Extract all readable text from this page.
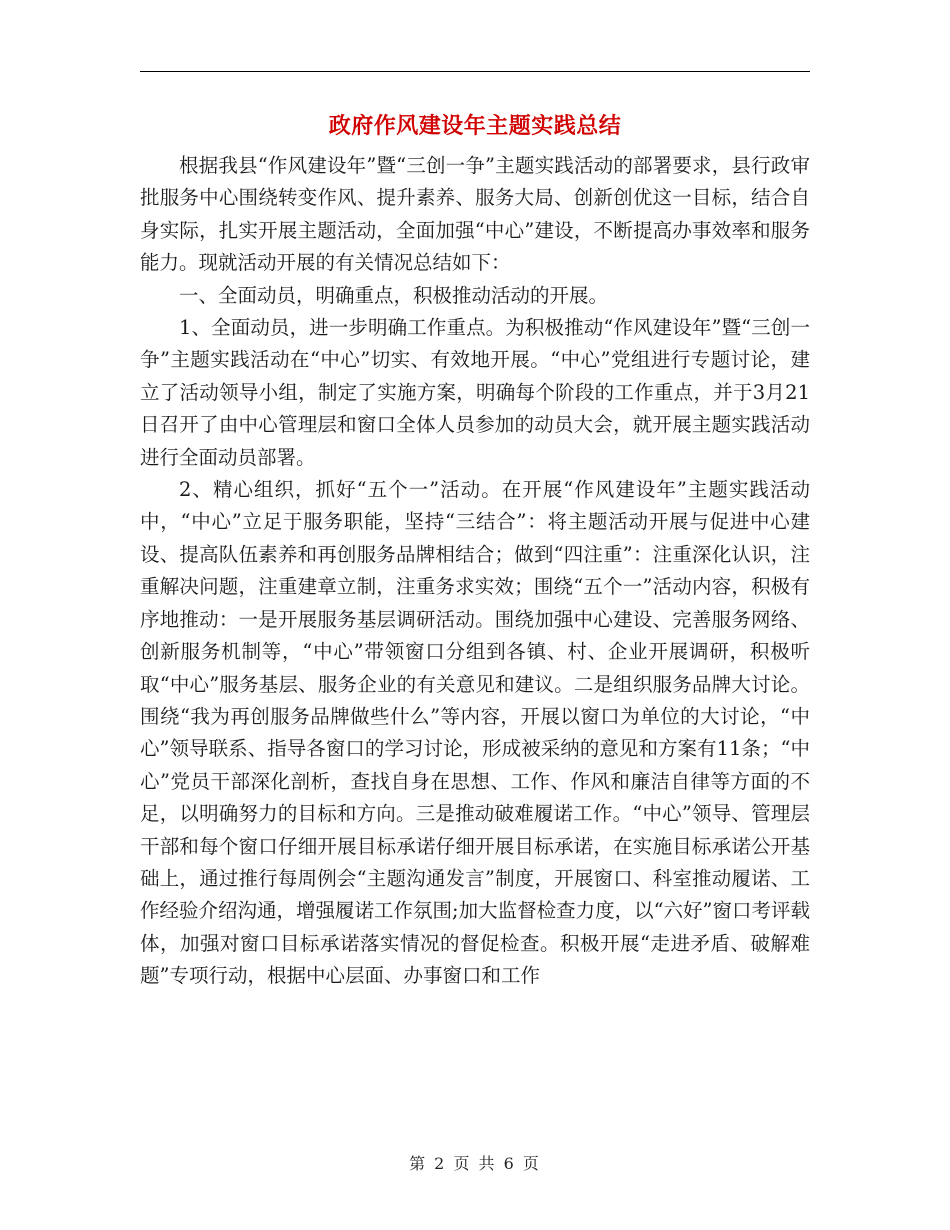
政府作风建设年主题实践总结

根据我县“作风建设年”暨“三创一争”主题实践活动的部署要求，县行政审批服务中心围绕转变作风、提升素养、服务大局、创新创优这一目标，结合自身实际，扎实开展主题活动，全面加强“中心”建设，不断提高办事效率和服务能力。现就活动开展的有关情况总结如下：

一、全面动员，明确重点，积极推动活动的开展。

1、全面动员，进一步明确工作重点。为积极推动“作风建设年”暨“三创一争”主题实践活动在“中心”切实、有效地开展。“中心”党组进行专题讨论，建立了活动领导小组，制定了实施方案，明确每个阶段的工作重点，并于3月21日召开了由中心管理层和窗口全体人员参加的动员大会，就开展主题实践活动进行全面动员部署。

2、精心组织，抓好“五个一”活动。在开展“作风建设年”主题实践活动中，“中心”立足于服务职能，坚持“三结合”：将主题活动开展与促进中心建设、提高队伍素养和再创服务品牌相结合；做到“四注重”：注重深化认识，注重解决问题，注重建章立制，注重务求实效；围绕“五个一”活动内容，积极有序地推动：一是开展服务基层调研活动。围绕加强中心建设、完善服务网络、创新服务机制等，“中心”带领窗口分组到各镇、村、企业开展调研，积极听取“中心”服务基层、服务企业的有关意见和建议。二是组织服务品牌大讨论。围绕“我为再创服务品牌做些什么”等内容，开展以窗口为单位的大讨论，“中心”领导联系、指导各窗口的学习讨论，形成被采纳的意见和方案有11条；“中心”党员干部深化剖析，查找自身在思想、工作、作风和廉洁自律等方面的不足，以明确努力的目标和方向。三是推动破难履诺工作。“中心”领导、管理层干部和每个窗口仔细开展目标承诺仔细开展目标承诺，在实施目标承诺公开基础上，通过推行每周例会“主题沟通发言”制度，开展窗口、科室推动履诺、工作经验介绍沟通，增强履诺工作氛围;加大监督检查力度，以“六好”窗口考评载体，加强对窗口目标承诺落实情况的督促检查。积极开展“走进矛盾、破解难题”专项行动，根据中心层面、办事窗口和工作

第 2 页 共 6 页
